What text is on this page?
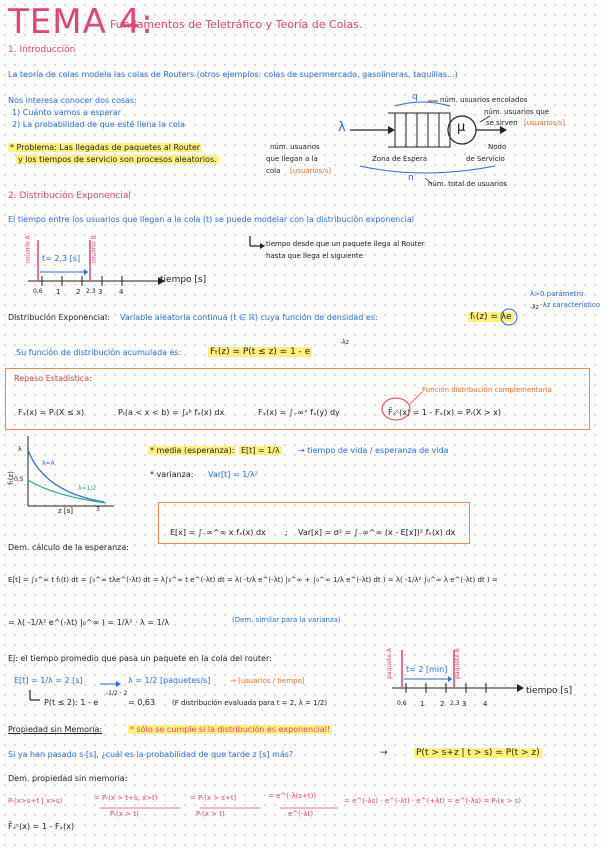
TEMA 4:
Fundamentos de Teletráfico y Teoría de Colas.
1. Introducción
La teoría de colas modela las colas de Routers (otros ejemplos: colas de supermercado, gasolineras, taquillas...)
Nos interesa conocer dos cosas:
1) Cuánto vamos a esperar
2) La probabilidad de que esté llena la cola
* Problema: Las llegadas de paquetes al Router
y los tiempos de servicio son procesos aleatorios.
q	núm. usuarios encolados
μ
λ
núm. usuarios que
se sirven [usuarios/s]
núm. usuarios
que llegan a la
cola [usuarios/s]
Zona de Espera
Nodo
de Servicio
n
núm. total de usuarios
2. Distribución Exponencial
El tiempo entre los usuarios que llegan a la cola (t) se puede modelar con la distribución exponencial
usuario A	usuario B
t= 2,3 [s]
0,6 1 2 2.3 3 4
tiempo [s]
tiempo desde que un paquete llega al Router
hasta que llega el siguiente
λ>0 parámetro
-λz característico
Distribución Exponencial: Variable aleatoria continua (t ∈ ℝ) cuya función de densidad es:	fₜ(z) = λe
-λz
Su función de distribución acumulada es:	Fₜ(z) = P(t ≤ z) = 1 - e
-λz
Repaso Estadística:
Función distribución complementaria
Fₓ(x) = Pᵣ(X ≤ x)	Pᵣ(a < x < b) = ∫ₐᵇ fₓ(x) dx	Fₓ(x) = ∫₋∞ˣ fₓ(y) dy	F̄ₓᶜ(x) = 1 - Fₓ(x) = Pᵣ(X > x)
fₜ(z)
z [s]
λ=A
λ=1/2
λ
0,5
3
* media (esperanza): E[t] = 1/λ → tiempo de vida / esperanza de vida
* varianza: Var[t] = 1/λ²
E[x] = ∫₋∞^∞ x fₓ(x) dx ; Var[x] = σ² = ∫₋∞^∞ (x - E[x])² fₓ(x) dx
Dem. cálculo de la esperanza:
E[t] = ∫₀^∞ t fₜ(t) dt = ∫₀^∞ tλe^(-λt) dt = λ∫₀^∞ t e^(-λt) dt = λ( -t/λ e^(-λt) |₀^∞ + ∫₀^∞ 1/λ e^(-λt) dt ) = λ( -1/λ² ∫₀^∞ λ e^(-λt) dt ) =
= λ( -1/λ² e^(-λt) |₀^∞ ) = 1/λ² · λ = 1/λ	(Dem. similar para la varianza)
Ej: el tiempo promedio que pasa un paquete en la cola del router:
E[t] = 1/λ = 2 [s]	λ = 1/2 [paquetes/s]	→ [usuarios / tiempo]
P(t ≤ 2): 1 - e
-1/2 · 2
= 0,63 (F distribución evaluada para t = 2, λ = 1/2)
paquete A	paquete B
t= 2 [min]
0,6 1 2 2.3 3 4
tiempo [s]
Propiedad sin Memoria:	* sólo se cumple si la distribución es exponencial!
Si ya han pasado s [s], ¿cuál es la probabilidad de que tarde z [s] más?	→	P(t > s+z | t > s) = P(t > z)
Dem. propiedad sin memoria:
Pᵣ(x>s+t | x>s)	= Pᵣ(x > t+s, x>t)
Pᵣ(x > t)
= Pᵣ(x > s+t)
Pᵣ(x > t)
= e^(-λ(s+t))
e^(-λt)
= e^(-λs) · e^(-λt) · e^(+λt) = e^(-λs) = Pᵣ(x > s)
F̄ₓᶜ(x) = 1 - Fₓ(x)
